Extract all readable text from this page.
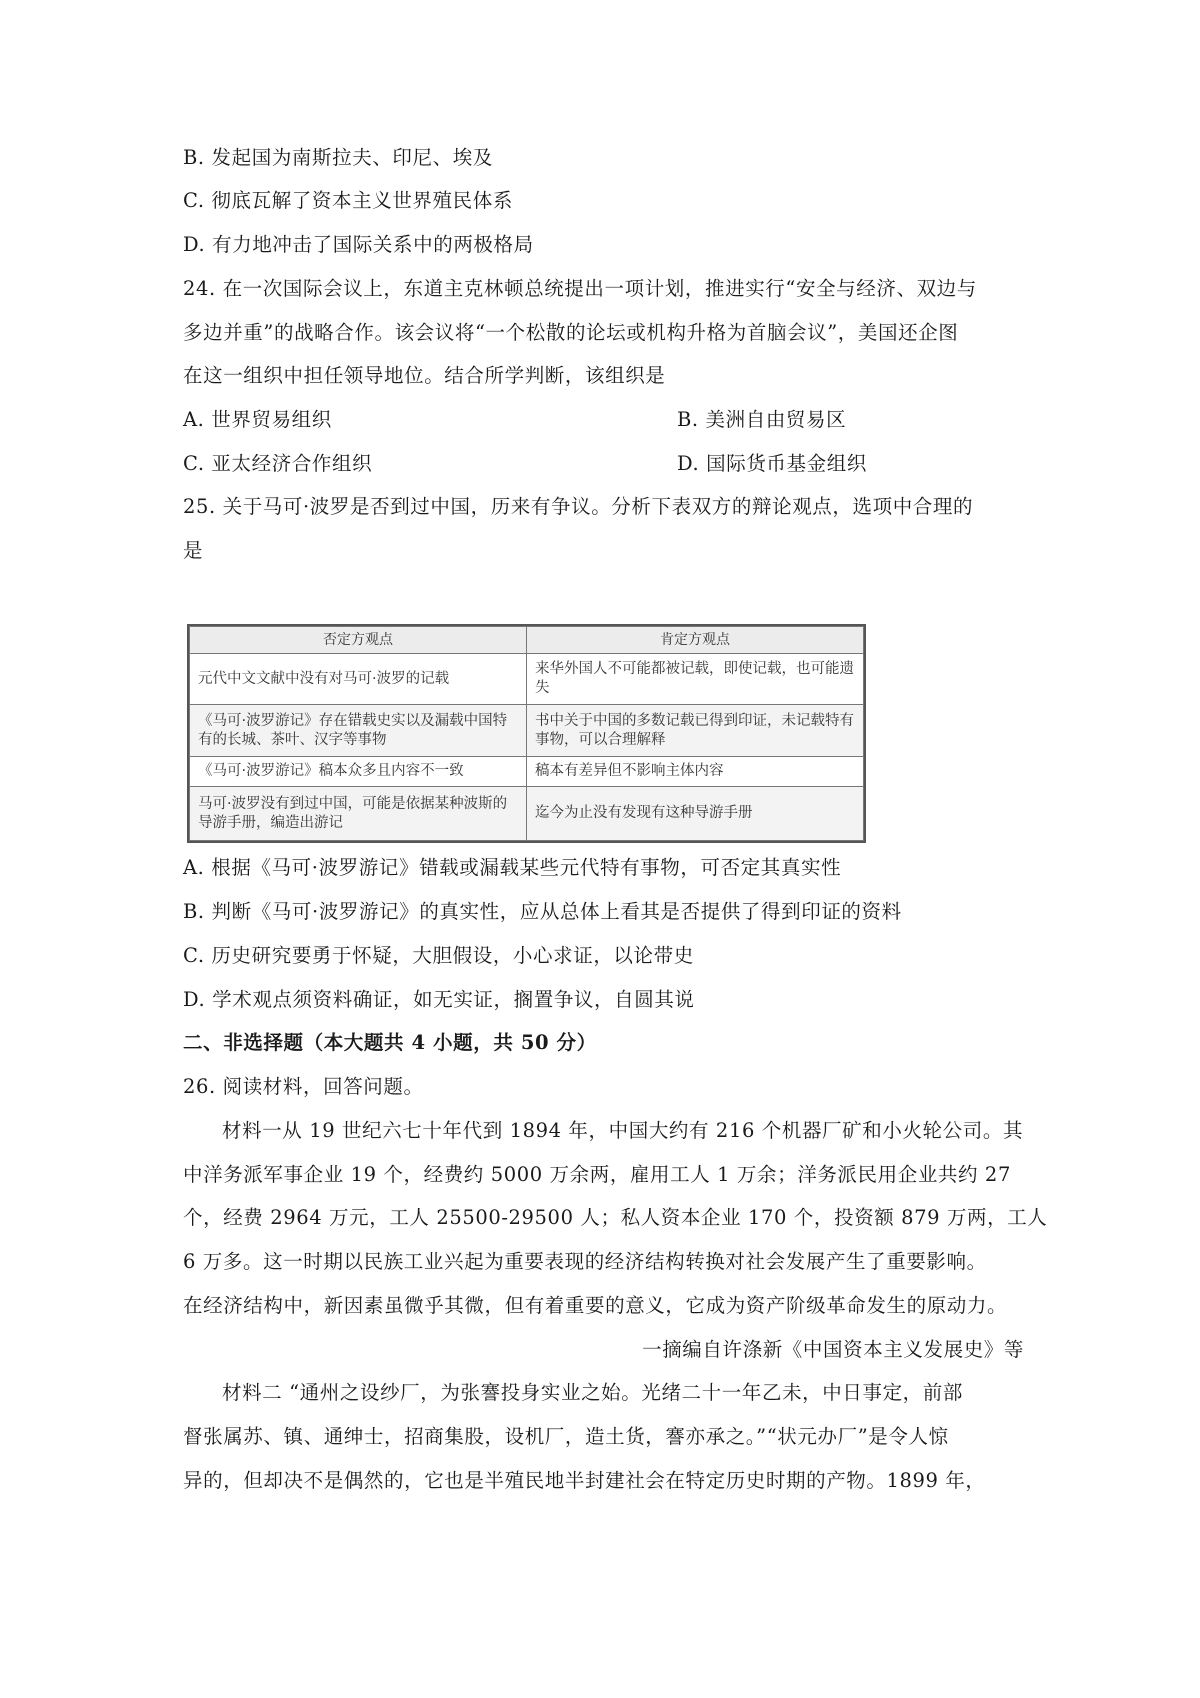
B. 发起国为南斯拉夫、印尼、埃及
C. 彻底瓦解了资本主义世界殖民体系
D. 有力地冲击了国际关系中的两极格局
24. 在一次国际会议上，东道主克林顿总统提出一项计划，推进实行“安全与经济、双边与
多边并重”的战略合作。该会议将“一个松散的论坛或机构升格为首脑会议”，美国还企图
在这一组织中担任领导地位。结合所学判断，该组织是
A. 世界贸易组织	B. 美洲自由贸易区
C. 亚太经济合作组织	D. 国际货币基金组织
25. 关于马可·波罗是否到过中国，历来有争议。分析下表双方的辩论观点，选项中合理的
是
否定方观点	肯定方观点
元代中文文献中没有对马可·波罗的记载	来华外国人不可能都被记载，即使记载，也可能遗失
《马可·波罗游记》存在错载史实以及漏载中国特有的长城、茶叶、汉字等事物	书中关于中国的多数记载已得到印证，未记载特有事物，可以合理解释
《马可·波罗游记》稿本众多且内容不一致	稿本有差异但不影响主体内容
马可·波罗没有到过中国，可能是依据某种波斯的导游手册，编造出游记	迄今为止没有发现有这种导游手册
A. 根据《马可·波罗游记》错载或漏载某些元代特有事物，可否定其真实性
B. 判断《马可·波罗游记》的真实性，应从总体上看其是否提供了得到印证的资料
C. 历史研究要勇于怀疑，大胆假设，小心求证，以论带史
D. 学术观点须资料确证，如无实证，搁置争议，自圆其说
二、非选择题（本大题共 4 小题，共 50 分）
26. 阅读材料，回答问题。
材料一从 19 世纪六七十年代到 1894 年，中国大约有 216 个机器厂矿和小火轮公司。其
中洋务派军事企业 19 个，经费约 5000 万余两，雇用工人 1 万余；洋务派民用企业共约 27
个，经费 2964 万元，工人 25500-29500 人；私人资本企业 170 个，投资额 879 万两，工人
6 万多。这一时期以民族工业兴起为重要表现的经济结构转换对社会发展产生了重要影响。
在经济结构中，新因素虽微乎其微，但有着重要的意义，它成为资产阶级革命发生的原动力。
一摘编自许涤新《中国资本主义发展史》等
材料二 “通州之设纱厂，为张謇投身实业之始。光绪二十一年乙未，中日事定，前部
督张属苏、镇、通绅士，招商集股，设机厂，造土货，謇亦承之。”“状元办厂”是令人惊
异的，但却决不是偶然的，它也是半殖民地半封建社会在特定历史时期的产物。1899 年，
